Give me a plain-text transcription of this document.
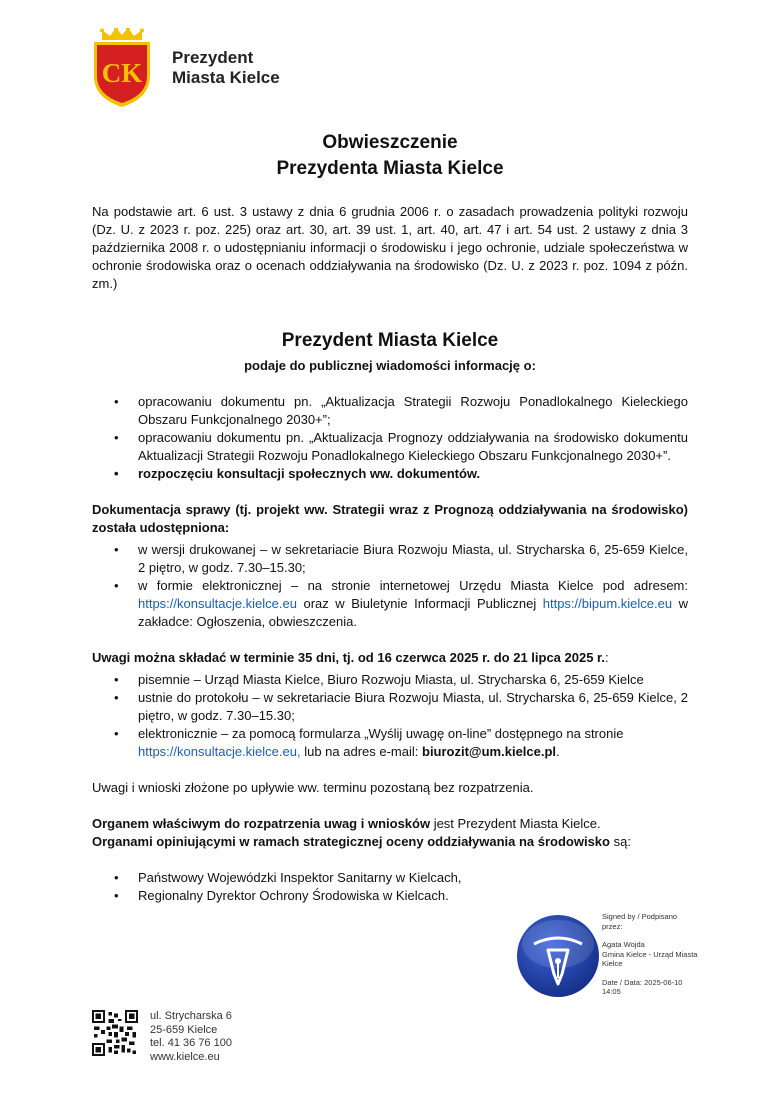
CK
Prezydent
Miasta Kielce
Obwieszczenie
Prezydenta Miasta Kielce

Na podstawie art. 6 ust. 3 ustawy z dnia 6 grudnia 2006 r. o zasadach prowadzenia polityki rozwoju (Dz. U. z 2023 r. poz. 225) oraz art. 30, art. 39 ust. 1, art. 40, art. 47 i art. 54 ust. 2 ustawy z dnia 3 października 2008 r. o udostępnianiu informacji o środowisku i jego ochronie, udziale społeczeństwa w ochronie środowiska oraz o ocenach oddziaływania na środowisko (Dz. U. z 2023 r. poz. 1094 z późn. zm.)

Prezydent Miasta Kielce
podaje do publicznej wiadomości informację o:
• opracowaniu dokumentu pn. „Aktualizacja Strategii Rozwoju Ponadlokalnego Kieleckiego Obszaru Funkcjonalnego 2030+”;
• opracowaniu dokumentu pn. „Aktualizacja Prognozy oddziaływania na środowisko dokumentu Aktualizacji Strategii Rozwoju Ponadlokalnego Kieleckiego Obszaru Funkcjonalnego 2030+”.
• rozpoczęciu konsultacji społecznych ww. dokumentów.

Dokumentacja sprawy (tj. projekt ww. Strategii wraz z Prognozą oddziaływania na środowisko) została udostępniona:

• w wersji drukowanej – w sekretariacie Biura Rozwoju Miasta, ul. Strycharska 6, 25-659 Kielce, 2 piętro, w godz. 7.30–15.30;
• w formie elektronicznej – na stronie internetowej Urzędu Miasta Kielce pod adresem: https://konsultacje.kielce.eu oraz w Biuletynie Informacji Publicznej https://bipum.kielce.eu w zakładce: Ogłoszenia, obwieszczenia.

Uwagi można składać w terminie 35 dni, tj. od 16 czerwca 2025 r. do 21 lipca 2025 r.:

• pisemnie – Urząd Miasta Kielce, Biuro Rozwoju Miasta, ul. Strycharska 6, 25-659 Kielce
• ustnie do protokołu – w sekretariacie Biura Rozwoju Miasta, ul. Strycharska 6, 25-659 Kielce, 2 piętro, w godz. 7.30–15.30;
• elektronicznie – za pomocą formularza „Wyślij uwagę on-line” dostępnego na stronie https://konsultacje.kielce.eu, lub na adres e-mail: biurozit@um.kielce.pl.

Uwagi i wnioski złożone po upływie ww. terminu pozostaną bez rozpatrzenia.

Organem właściwym do rozpatrzenia uwag i wniosków jest Prezydent Miasta Kielce.

Organami opiniującymi w ramach strategicznej oceny oddziaływania na środowisko są:

• Państwowy Wojewódzki Inspektor Sanitarny w Kielcach,
• Regionalny Dyrektor Ochrony Środowiska w Kielcach.
Signed by / Podpisano przez:
Agata Wojda
Gmina Kielce - Urząd Miasta Kielce
Date / Data: 2025-06-10 14:05
ul. Strycharska 6
25-659 Kielce
tel. 41 36 76 100
www.kielce.eu
